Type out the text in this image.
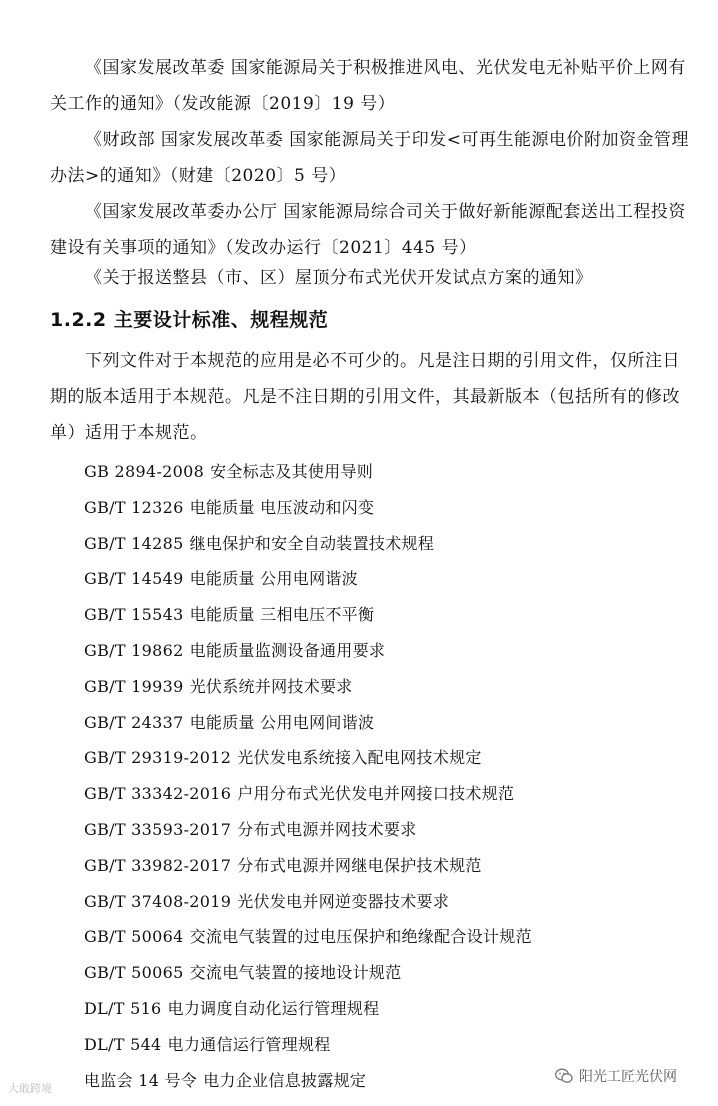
《国家发展改革委 国家能源局关于积极推进风电、光伏发电无补贴平价上网有关工作的通知》（发改能源〔2019〕19 号）

《财政部 国家发展改革委 国家能源局关于印发<可再生能源电价附加资金管理办法>的通知》（财建〔2020〕5 号）

《国家发展改革委办公厅 国家能源局综合司关于做好新能源配套送出工程投资建设有关事项的通知》（发改办运行〔2021〕445 号）

《关于报送整县（市、区）屋顶分布式光伏开发试点方案的通知》

1.2.2 主要设计标准、规程规范

下列文件对于本规范的应用是必不可少的。凡是注日期的引用文件，仅所注日期的版本适用于本规范。凡是不注日期的引用文件，其最新版本（包括所有的修改单）适用于本规范。

GB 2894-2008 安全标志及其使用导则
GB/T 12326 电能质量 电压波动和闪变
GB/T 14285 继电保护和安全自动装置技术规程
GB/T 14549 电能质量 公用电网谐波
GB/T 15543 电能质量 三相电压不平衡
GB/T 19862 电能质量监测设备通用要求
GB/T 19939 光伏系统并网技术要求
GB/T 24337 电能质量 公用电网间谐波
GB/T 29319-2012 光伏发电系统接入配电网技术规定
GB/T 33342-2016 户用分布式光伏发电并网接口技术规范
GB/T 33593-2017 分布式电源并网技术要求
GB/T 33982-2017 分布式电源并网继电保护技术规范
GB/T 37408-2019 光伏发电并网逆变器技术要求
GB/T 50064 交流电气装置的过电压保护和绝缘配合设计规范
GB/T 50065 交流电气装置的接地设计规范
DL/T 516 电力调度自动化运行管理规程
DL/T 544 电力通信运行管理规程
电监会 14 号令 电力企业信息披露规定
大敢跨境
阳光工匠光伏网
